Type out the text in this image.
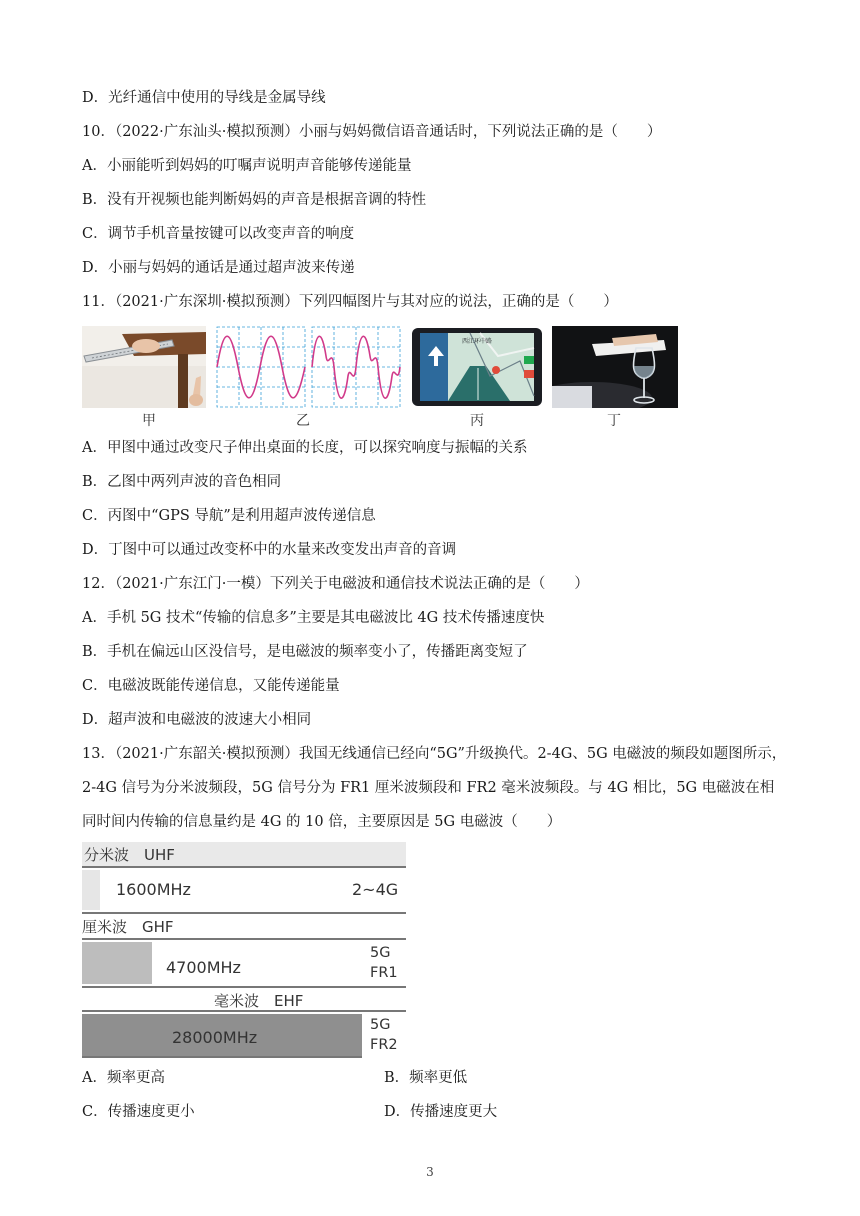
D．光纤通信中使用的导线是金属导线
10．（2022·广东汕头·模拟预测）小丽与妈妈微信语音通话时，下列说法正确的是（　　）
A．小丽能听到妈妈的叮嘱声说明声音能够传递能量
B．没有开视频也能判断妈妈的声音是根据音调的特性
C．调节手机音量按键可以改变声音的响度
D．小丽与妈妈的通话是通过超声波来传递
11．（2021·广东深圳·模拟预测）下列四幅图片与其对应的说法，正确的是（　　）
A．甲图中通过改变尺子伸出桌面的长度，可以探究响度与振幅的关系
B．乙图中两列声波的音色相同
C．丙图中“GPS 导航”是利用超声波传递信息
D．丁图中可以通过改变杯中的水量来改变发出声音的音调
12．（2021·广东江门·一模）下列关于电磁波和通信技术说法正确的是（　　）
A．手机 5G 技术“传输的信息多”主要是其电磁波比 4G 技术传播速度快
B．手机在偏远山区没信号，是电磁波的频率变小了，传播距离变短了
C．电磁波既能传递信息，又能传递能量
D．超声波和电磁波的波速大小相同
13．（2021·广东韶关·模拟预测）我国无线通信已经向“5G”升级换代。2-4G、5G 电磁波的频段如题图所示，
2-4G 信号为分米波频段，5G 信号分为 FR1 厘米波频段和 FR2 毫米波频段。与 4G 相比，5G 电磁波在相
同时间内传输的信息量约是 4G 的 10 倍，主要原因是 5G 电磁波（　　）
A．频率更高	B．频率更低
C．传播速度更小	D．传播速度更大
西江环中路
甲	乙	丙	丁
分米波　UHF
1600MHz	2~4G
厘米波　GHF
4700MHz
5G
FR1
毫米波　EHF
28000MHz
5G
FR2
3
